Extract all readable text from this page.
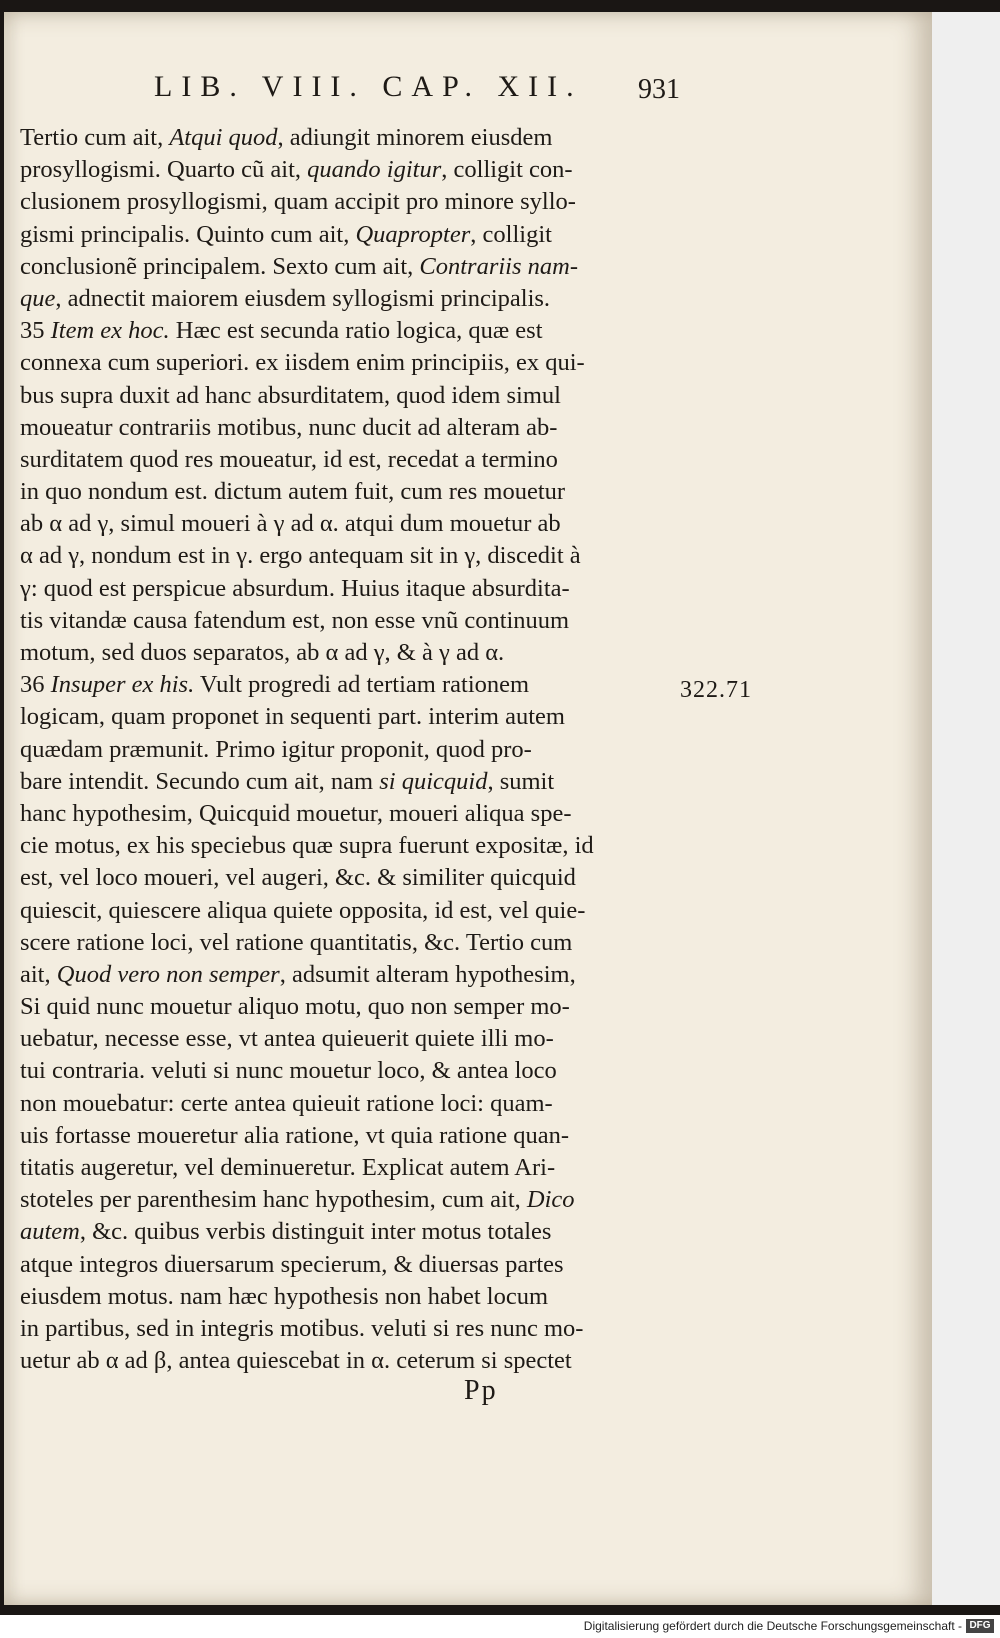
LIB. VIII. CAP. XII.	931
Tertio cum ait, Atqui quod, adiungit minorem eiusdem
prosyllogismi. Quarto cũ ait, quando igitur, colligit con-
clusionem prosyllogismi, quam accipit pro minore syllo-
gismi principalis. Quinto cum ait, Quapropter, colligit
conclusionẽ principalem. Sexto cum ait, Contrariis nam-
que, adnectit maiorem eiusdem syllogismi principalis.
35 Item ex hoc. Hæc est secunda ratio logica, quæ est
connexa cum superiori. ex iisdem enim principiis, ex qui-
bus supra duxit ad hanc absurditatem, quod idem simul
moueatur contrariis motibus, nunc ducit ad alteram ab-
surditatem quod res moueatur, id est, recedat a termino
in quo nondum est. dictum autem fuit, cum res mouetur
ab α ad γ, simul moueri à γ ad α. atqui dum mouetur ab
α ad γ, nondum est in γ. ergo antequam sit in γ, discedit à
γ: quod est perspicue absurdum. Huius itaque absurdita-
tis vitandæ causa fatendum est, non esse vnũ continuum
motum, sed duos separatos, ab α ad γ, & à γ ad α.
36 Insuper ex his. Vult progredi ad tertiam rationem
logicam, quam proponet in sequenti part. interim autem
quædam præmunit. Primo igitur proponit, quod pro-
bare intendit. Secundo cum ait, nam si quicquid, sumit
hanc hypothesim, Quicquid mouetur, moueri aliqua spe-
cie motus, ex his speciebus quæ supra fuerunt expositæ, id
est, vel loco moueri, vel augeri, &c. & similiter quicquid
quiescit, quiescere aliqua quiete opposita, id est, vel quie-
scere ratione loci, vel ratione quantitatis, &c. Tertio cum
ait, Quod vero non semper, adsumit alteram hypothesim,
Si quid nunc mouetur aliquo motu, quo non semper mo-
uebatur, necesse esse, vt antea quieuerit quiete illi mo-
tui contraria. veluti si nunc mouetur loco, & antea loco
non mouebatur: certe antea quieuit ratione loci: quam-
uis fortasse moueretur alia ratione, vt quia ratione quan-
titatis augeretur, vel deminueretur. Explicat autem Ari-
stoteles per parenthesim hanc hypothesim, cum ait, Dico
autem, &c. quibus verbis distinguit inter motus totales
atque integros diuersarum specierum, & diuersas partes
eiusdem motus. nam hæc hypothesis non habet locum
in partibus, sed in integris motibus. veluti si res nunc mo-
uetur ab α ad β, antea quiescebat in α. ceterum si spectet
322.71
Pp
Digitalisierung gefördert durch die Deutsche Forschungsgemeinschaft - DFG
